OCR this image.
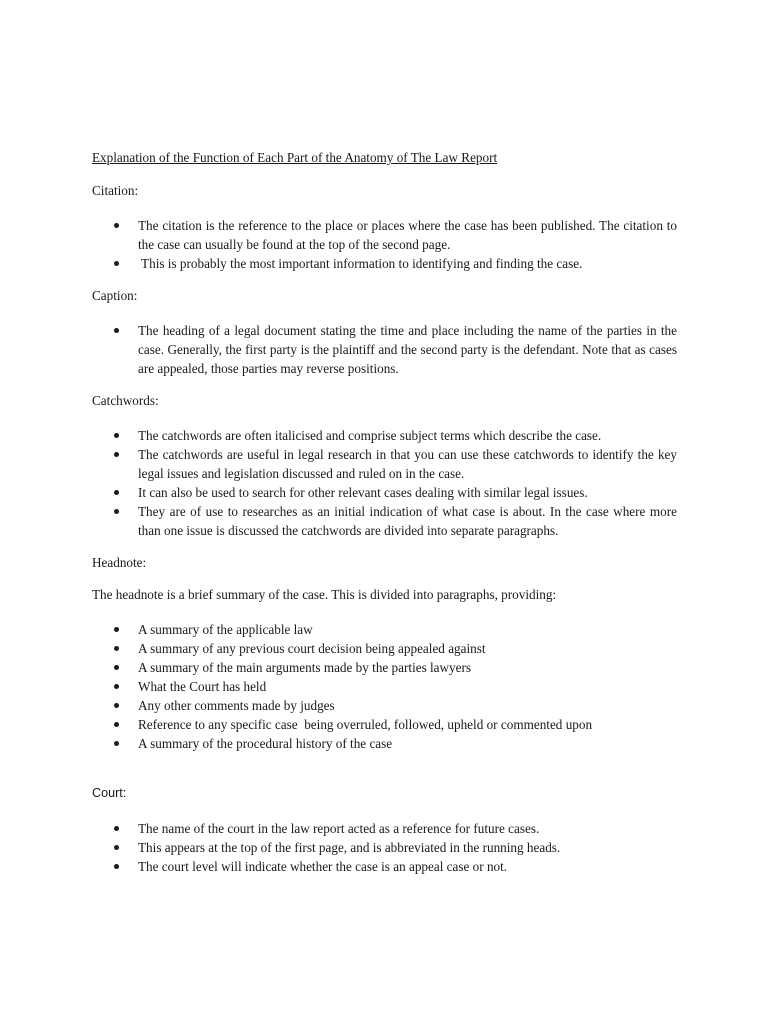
Explanation of the Function of Each Part of the Anatomy of The Law Report

Citation:

The citation is the reference to the place or places where the case has been published. The citation to the case can usually be found at the top of the second page.
This is probably the most important information to identifying and finding the case.

Caption:

The heading of a legal document stating the time and place including the name of the parties in the case. Generally, the first party is the plaintiff and the second party is the defendant. Note that as cases are appealed, those parties may reverse positions.

Catchwords:

The catchwords are often italicised and comprise subject terms which describe the case.
The catchwords are useful in legal research in that you can use these catchwords to identify the key legal issues and legislation discussed and ruled on in the case.
It can also be used to search for other relevant cases dealing with similar legal issues.
They are of use to researches as an initial indication of what case is about. In the case where more than one issue is discussed the catchwords are divided into separate paragraphs.

Headnote:

The headnote is a brief summary of the case. This is divided into paragraphs, providing:

A summary of the applicable law
A summary of any previous court decision being appealed against
A summary of the main arguments made by the parties lawyers
What the Court has held
Any other comments made by judges
Reference to any specific case  being overruled, followed, upheld or commented upon
A summary of the procedural history of the case

Court:

The name of the court in the law report acted as a reference for future cases.
This appears at the top of the first page, and is abbreviated in the running heads.
The court level will indicate whether the case is an appeal case or not.
